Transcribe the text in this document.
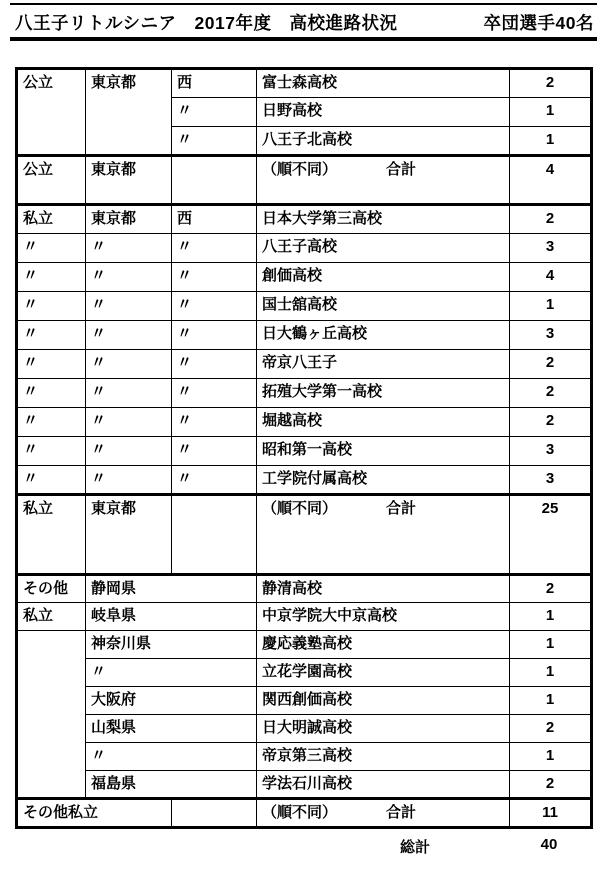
八王子リトルシニア　2017年度　高校進路状況	卒団選手40名
公立	東京都	西	富士森高校	2
		〃	日野高校	1
		〃	八王子北高校	1
公立	東京都		（順不同） 合計	4
私立	東京都	西	日本大学第三高校	2
〃	〃	〃	八王子高校	3
〃	〃	〃	創価高校	4
〃	〃	〃	国士舘高校	1
〃	〃	〃	日大鶴ヶ丘高校	3
〃	〃	〃	帝京八王子	2
〃	〃	〃	拓殖大学第一高校	2
〃	〃	〃	堀越高校	2
〃	〃	〃	昭和第一高校	3
〃	〃	〃	工学院付属高校	3
私立	東京都		（順不同） 合計	25
その他	静岡県		静清高校	2
私立	岐阜県		中京学院大中京高校	1
	神奈川県		慶応義塾高校	1
	〃		立花学園高校	1
	大阪府		関西創価高校	1
	山梨県		日大明誠高校	2
	〃		帝京第三高校	1
	福島県		学法石川高校	2
その他私立			（順不同） 合計	11
総計	40
